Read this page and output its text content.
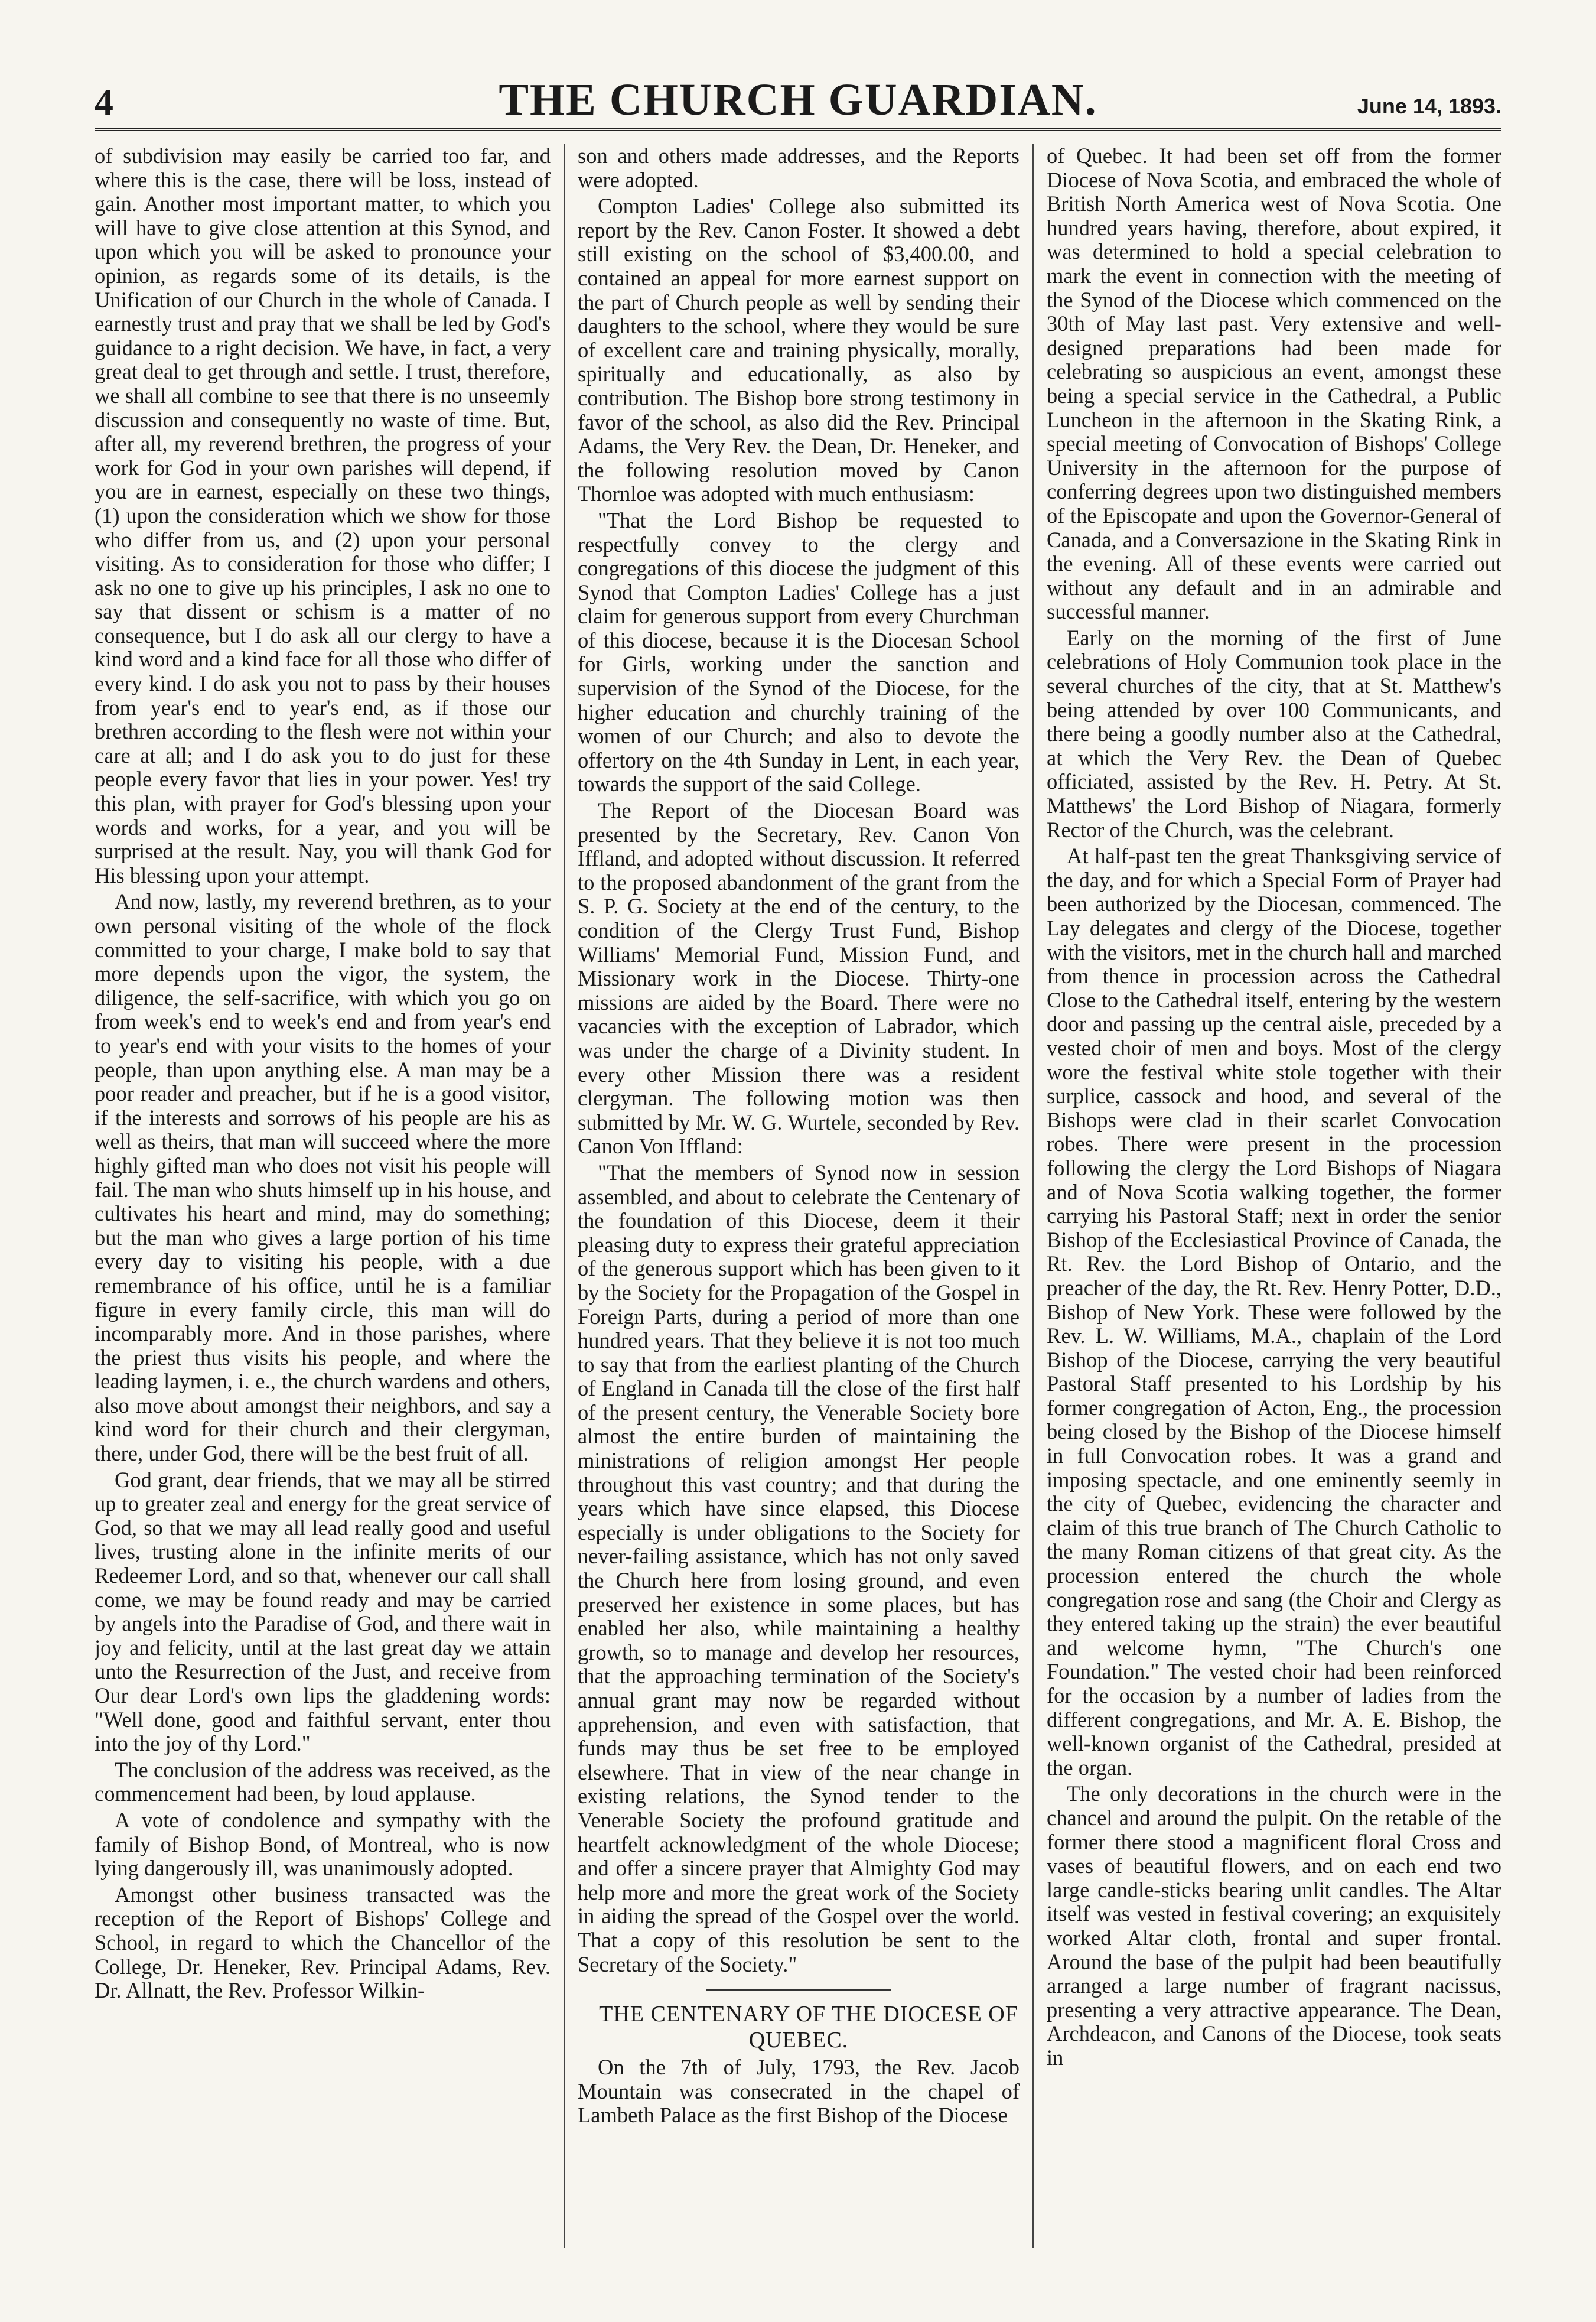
4	THE CHURCH GUARDIAN.	June 14, 1893.

of subdivision may easily be carried too far, and where this is the case, there will be loss, instead of gain. Another most important matter, to which you will have to give close attention at this Synod, and upon which you will be asked to pronounce your opinion, as regards some of its details, is the Unification of our Church in the whole of Canada. I earnestly trust and pray that we shall be led by God's guidance to a right decision. We have, in fact, a very great deal to get through and settle. I trust, therefore, we shall all combine to see that there is no unseemly discussion and consequently no waste of time. But, after all, my reverend brethren, the progress of your work for God in your own parishes will depend, if you are in earnest, especially on these two things, (1) upon the consideration which we show for those who differ from us, and (2) upon your personal visiting. As to consideration for those who differ; I ask no one to give up his principles, I ask no one to say that dissent or schism is a matter of no consequence, but I do ask all our clergy to have a kind word and a kind face for all those who differ of every kind. I do ask you not to pass by their houses from year's end to year's end, as if those our brethren according to the flesh were not within your care at all; and I do ask you to do just for these people every favor that lies in your power. Yes! try this plan, with prayer for God's blessing upon your words and works, for a year, and you will be surprised at the result. Nay, you will thank God for His blessing upon your attempt.

And now, lastly, my reverend brethren, as to your own personal visiting of the whole of the flock committed to your charge, I make bold to say that more depends upon the vigor, the system, the diligence, the self-sacrifice, with which you go on from week's end to week's end and from year's end to year's end with your visits to the homes of your people, than upon anything else. A man may be a poor reader and preacher, but if he is a good visitor, if the interests and sorrows of his people are his as well as theirs, that man will succeed where the more highly gifted man who does not visit his people will fail. The man who shuts himself up in his house, and cultivates his heart and mind, may do something; but the man who gives a large portion of his time every day to visiting his people, with a due remembrance of his office, until he is a familiar figure in every family circle, this man will do incomparably more. And in those parishes, where the priest thus visits his people, and where the leading laymen, i. e., the church wardens and others, also move about amongst their neighbors, and say a kind word for their church and their clergyman, there, under God, there will be the best fruit of all.

God grant, dear friends, that we may all be stirred up to greater zeal and energy for the great service of God, so that we may all lead really good and useful lives, trusting alone in the infinite merits of our Redeemer Lord, and so that, whenever our call shall come, we may be found ready and may be carried by angels into the Paradise of God, and there wait in joy and felicity, until at the last great day we attain unto the Resurrection of the Just, and receive from Our dear Lord's own lips the gladdening words: "Well done, good and faithful servant, enter thou into the joy of thy Lord."

The conclusion of the address was received, as the commencement had been, by loud applause.

A vote of condolence and sympathy with the family of Bishop Bond, of Montreal, who is now lying dangerously ill, was unanimously adopted.

Amongst other business transacted was the reception of the Report of Bishops' College and School, in regard to which the Chancellor of the College, Dr. Heneker, Rev. Principal Adams, Rev. Dr. Allnatt, the Rev. Professor Wilkin-

son and others made addresses, and the Reports were adopted.

Compton Ladies' College also submitted its report by the Rev. Canon Foster. It showed a debt still existing on the school of $3,400.00, and contained an appeal for more earnest support on the part of Church people as well by sending their daughters to the school, where they would be sure of excellent care and training physically, morally, spiritually and educationally, as also by contribution. The Bishop bore strong testimony in favor of the school, as also did the Rev. Principal Adams, the Very Rev. the Dean, Dr. Heneker, and the following resolution moved by Canon Thornloe was adopted with much enthusiasm:

"That the Lord Bishop be requested to respectfully convey to the clergy and congregations of this diocese the judgment of this Synod that Compton Ladies' College has a just claim for generous support from every Churchman of this diocese, because it is the Diocesan School for Girls, working under the sanction and supervision of the Synod of the Diocese, for the higher education and churchly training of the women of our Church; and also to devote the offertory on the 4th Sunday in Lent, in each year, towards the support of the said College.

The Report of the Diocesan Board was presented by the Secretary, Rev. Canon Von Iffland, and adopted without discussion. It referred to the proposed abandonment of the grant from the S. P. G. Society at the end of the century, to the condition of the Clergy Trust Fund, Bishop Williams' Memorial Fund, Mission Fund, and Missionary work in the Diocese. Thirty-one missions are aided by the Board. There were no vacancies with the exception of Labrador, which was under the charge of a Divinity student. In every other Mission there was a resident clergyman. The following motion was then submitted by Mr. W. G. Wurtele, seconded by Rev. Canon Von Iffland:

"That the members of Synod now in session assembled, and about to celebrate the Centenary of the foundation of this Diocese, deem it their pleasing duty to express their grateful appreciation of the generous support which has been given to it by the Society for the Propagation of the Gospel in Foreign Parts, during a period of more than one hundred years. That they believe it is not too much to say that from the earliest planting of the Church of England in Canada till the close of the first half of the present century, the Venerable Society bore almost the entire burden of maintaining the ministrations of religion amongst Her people throughout this vast country; and that during the years which have since elapsed, this Diocese especially is under obligations to the Society for never-failing assistance, which has not only saved the Church here from losing ground, and even preserved her existence in some places, but has enabled her also, while maintaining a healthy growth, so to manage and develop her resources, that the approaching termination of the Society's annual grant may now be regarded without apprehension, and even with satisfaction, that funds may thus be set free to be employed elsewhere. That in view of the near change in existing relations, the Synod tender to the Venerable Society the profound gratitude and heartfelt acknowledgment of the whole Diocese; and offer a sincere prayer that Almighty God may help more and more the great work of the Society in aiding the spread of the Gospel over the world. That a copy of this resolution be sent to the Secretary of the Society."

THE CENTENARY OF THE DIOCESE OF QUEBEC.

On the 7th of July, 1793, the Rev. Jacob Mountain was consecrated in the chapel of Lambeth Palace as the first Bishop of the Diocese

of Quebec. It had been set off from the former Diocese of Nova Scotia, and embraced the whole of British North America west of Nova Scotia. One hundred years having, therefore, about expired, it was determined to hold a special celebration to mark the event in connection with the meeting of the Synod of the Diocese which commenced on the 30th of May last past. Very extensive and well-designed preparations had been made for celebrating so auspicious an event, amongst these being a special service in the Cathedral, a Public Luncheon in the afternoon in the Skating Rink, a special meeting of Convocation of Bishops' College University in the afternoon for the purpose of conferring degrees upon two distinguished members of the Episcopate and upon the Governor-General of Canada, and a Conversazione in the Skating Rink in the evening. All of these events were carried out without any default and in an admirable and successful manner.

Early on the morning of the first of June celebrations of Holy Communion took place in the several churches of the city, that at St. Matthew's being attended by over 100 Communicants, and there being a goodly number also at the Cathedral, at which the Very Rev. the Dean of Quebec officiated, assisted by the Rev. H. Petry. At St. Matthews' the Lord Bishop of Niagara, formerly Rector of the Church, was the celebrant.

At half-past ten the great Thanksgiving service of the day, and for which a Special Form of Prayer had been authorized by the Diocesan, commenced. The Lay delegates and clergy of the Diocese, together with the visitors, met in the church hall and marched from thence in procession across the Cathedral Close to the Cathedral itself, entering by the western door and passing up the central aisle, preceded by a vested choir of men and boys. Most of the clergy wore the festival white stole together with their surplice, cassock and hood, and several of the Bishops were clad in their scarlet Convocation robes. There were present in the procession following the clergy the Lord Bishops of Niagara and of Nova Scotia walking together, the former carrying his Pastoral Staff; next in order the senior Bishop of the Ecclesiastical Province of Canada, the Rt. Rev. the Lord Bishop of Ontario, and the preacher of the day, the Rt. Rev. Henry Potter, D.D., Bishop of New York. These were followed by the Rev. L. W. Williams, M.A., chaplain of the Lord Bishop of the Diocese, carrying the very beautiful Pastoral Staff presented to his Lordship by his former congregation of Acton, Eng., the procession being closed by the Bishop of the Diocese himself in full Convocation robes. It was a grand and imposing spectacle, and one eminently seemly in the city of Quebec, evidencing the character and claim of this true branch of The Church Catholic to the many Roman citizens of that great city. As the procession entered the church the whole congregation rose and sang (the Choir and Clergy as they entered taking up the strain) the ever beautiful and welcome hymn, "The Church's one Foundation." The vested choir had been reinforced for the occasion by a number of ladies from the different congregations, and Mr. A. E. Bishop, the well-known organist of the Cathedral, presided at the organ.

The only decorations in the church were in the chancel and around the pulpit. On the retable of the former there stood a magnificent floral Cross and vases of beautiful flowers, and on each end two large candle-sticks bearing unlit candles. The Altar itself was vested in festival covering; an exquisitely worked Altar cloth, frontal and super frontal. Around the base of the pulpit had been beautifully arranged a large number of fragrant nacissus, presenting a very attractive appearance. The Dean, Archdeacon, and Canons of the Diocese, took seats in
